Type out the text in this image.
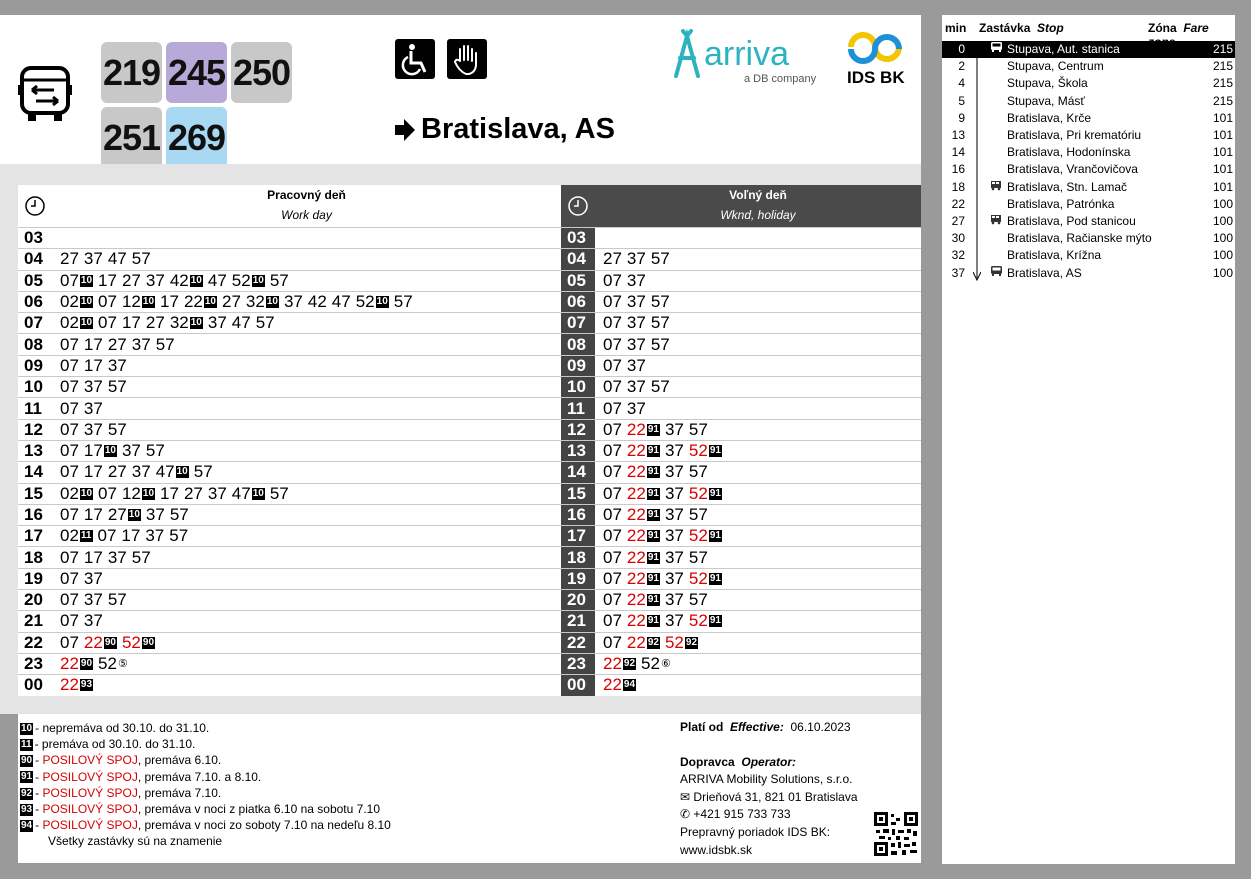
219 245 250
251 269	Bratislava, AS
arriva
a DB company IDS BK
Pracovný deň
Work day
03
04	27 37 47 57
05	07 10 17 27 37 42 10 47 52 10 57
06	02 10 07 12 10 17 22 10 27 32 10 37 42 47 52 10 57
07	02 10 07 17 27 32 10 37 47 57
08	07 17 27 37 57
09	07 17 37
10	07 37 57
11	07 37
12	07 37 57
13	07 17 10 37 57
14	07 17 27 37 47 10 57
15	02 10 07 12 10 17 27 37 47 10 57
16	07 17 27 10 37 57
17	02 11 07 17 37 57
18	07 17 37 57
19	07 37
20	07 37 57
21	07 37
22	07 22 90 52 90
23	22 90 52 ⑤
00	22 93
Voľný deň
Wknd, holiday
03
04	27 37 57
05	07 37
06	07 37 57
07	07 37 57
08	07 37 57
09	07 37
10	07 37 57
11	07 37
12	07 22 91 37 57
13	07 22 91 37 52 91
14	07 22 91 37 57
15	07 22 91 37 52 91
16	07 22 91 37 57
17	07 22 91 37 52 91
18	07 22 91 37 57
19	07 22 91 37 52 91
20	07 22 91 37 57
21	07 22 91 37 52 91
22	07 22 92 52 92
23	22 92 52 ⑥
00	22 94
10 - nepremáva od 30.10. do 31.10.
11 - premáva od 30.10. do 31.10.
90 - POSILOVÝ SPOJ, premáva 6.10.
91 - POSILOVÝ SPOJ, premáva 7.10. a 8.10.
92 - POSILOVÝ SPOJ, premáva 7.10.
93 - POSILOVÝ SPOJ, premáva v noci z piatka 6.10 na sobotu 7.10
94 - POSILOVÝ SPOJ, premáva v noci zo soboty 7.10 na nedeľu 8.10
Všetky zastávky sú na znamenie
Platí od Effective: 06.10.2023
Dopravca Operator:
ARRIVA Mobility Solutions, s.r.o.
✉ Drieňová 31, 821 01 Bratislava
✆ +421 915 733 733
Prepravný poriadok IDS BK:
www.idsbk.sk
min Zastávka Stop	Zóna Fare
0	Stupava, Aut. stanica	215
2	Stupava, Centrum	215
4	Stupava, Škola	215
5	Stupava, Másť	215
9	Bratislava, Krče	101
13	Bratislava, Pri krematóriu	101
14	Bratislava, Hodonínska	101
16	Bratislava, Vrančovičova	101
18	Bratislava, Stn. Lamač	101
22	Bratislava, Patrónka	100
27	Bratislava, Pod stanicou	100
30	Bratislava, Račianske mýto	100
32	Bratislava, Krížna	100
37	Bratislava, AS	100
